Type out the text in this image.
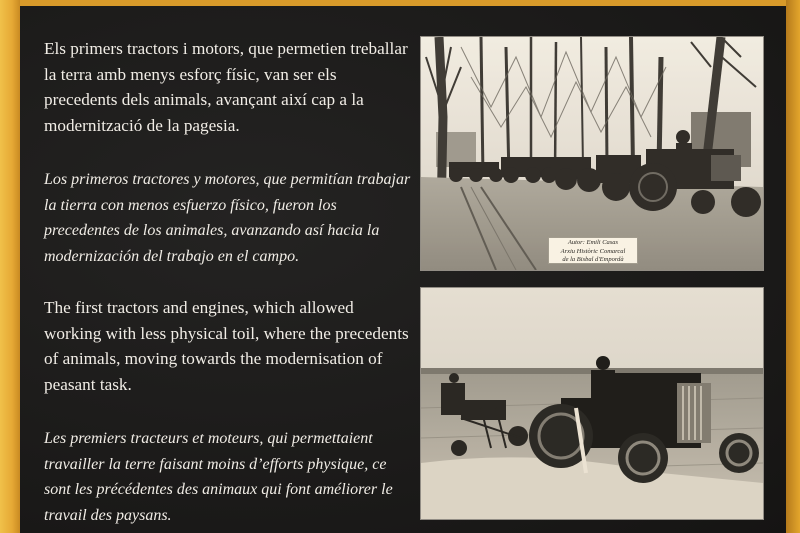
Els primers tractors i motors, que permetien treballar la terra amb menys esforç físic, van ser els precedents dels animals, avançant així cap a la modernització de la pagesia.
Los primeros tractores y motores, que permitían trabajar la tierra con menos esfuerzo físico, fueron los precedentes de los animales, avanzando así hacia la modernización del trabajo en el campo.
The first tractors and engines, which allowed working with less physical toil, where the precedents of animals, moving towards the modernisation of peasant task.
Les premiers tracteurs et moteurs, qui permettaient travailler la terre faisant moins d’efforts physique, ce sont les précédentes des animaux qui font améliorer le travail des paysans.
Autor: Emili Casas
Arxiu Històric Comarcal
de la Bisbal d'Empordà
